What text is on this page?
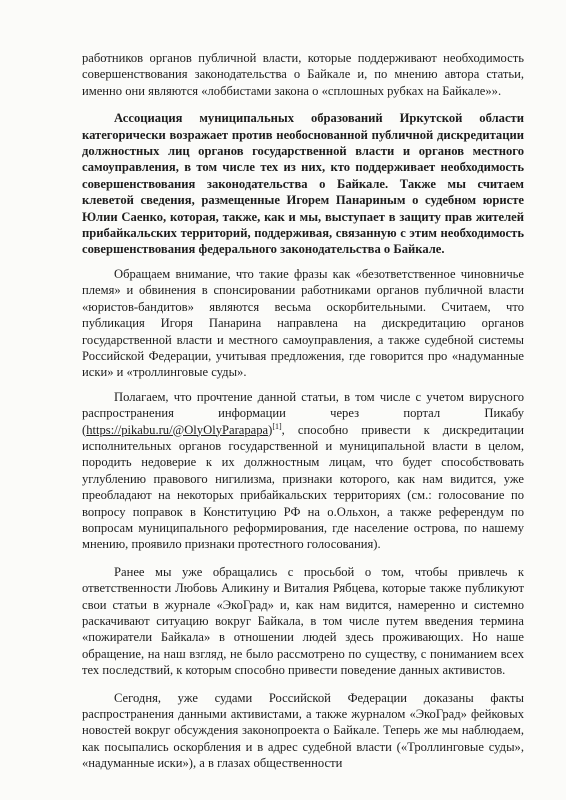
работников органов публичной власти, которые поддерживают необходимость совершенствования законодательства о Байкале и, по мнению автора статьи, именно они являются «лоббистами закона о «сплошных рубках на Байкале»».

Ассоциация муниципальных образований Иркутской области категорически возражает против необоснованной публичной дискредитации должностных лиц органов государственной власти и органов местного самоуправления, в том числе тех из них, кто поддерживает необходимость совершенствования законодательства о Байкале. Также мы считаем клеветой сведения, размещенные Игорем Панариным о судебном юристе Юлии Саенко, которая, также, как и мы, выступает в защиту прав жителей прибайкальских территорий, поддерживая, связанную с этим необходимость совершенствования федерального законодательства о Байкале.

Обращаем внимание, что такие фразы как «безответственное чиновничье племя» и обвинения в спонсировании работниками органов публичной власти «юристов-бандитов» являются весьма оскорбительными. Считаем, что публикация Игоря Панарина направлена на дискредитацию органов государственной власти и местного самоуправления, а также судебной системы Российской Федерации, учитывая предложения, где говорится про «надуманные иски» и «троллинговые суды».

Полагаем, что прочтение данной статьи, в том числе с учетом вирусного распространения информации через портал Пикабу (https://pikabu.ru/@OlyOlyParapapa)[1], способно привести к дискредитации исполнительных органов государственной и муниципальной власти в целом, породить недоверие к их должностным лицам, что будет способствовать углублению правового нигилизма, признаки которого, как нам видится, уже преобладают на некоторых прибайкальских территориях (см.: голосование по вопросу поправок в Конституцию РФ на о.Ольхон, а также референдум по вопросам муниципального реформирования, где население острова, по нашему мнению, проявило признаки протестного голосования).

Ранее мы уже обращались с просьбой о том, чтобы привлечь к ответственности Любовь Аликину и Виталия Рябцева, которые также публикуют свои статьи в журнале «ЭкоГрад» и, как нам видится, намеренно и системно раскачивают ситуацию вокруг Байкала, в том числе путем введения термина «пожиратели Байкала» в отношении людей здесь проживающих. Но наше обращение, на наш взгляд, не было рассмотрено по существу, с пониманием всех тех последствий, к которым способно привести поведение данных активистов.

Сегодня, уже судами Российской Федерации доказаны факты распространения данными активистами, а также журналом «ЭкоГрад» фейковых новостей вокруг обсуждения законопроекта о Байкале. Теперь же мы наблюдаем, как посыпались оскорбления и в адрес судебной власти («Троллинговые суды», «надуманные иски»), а в глазах общественности
